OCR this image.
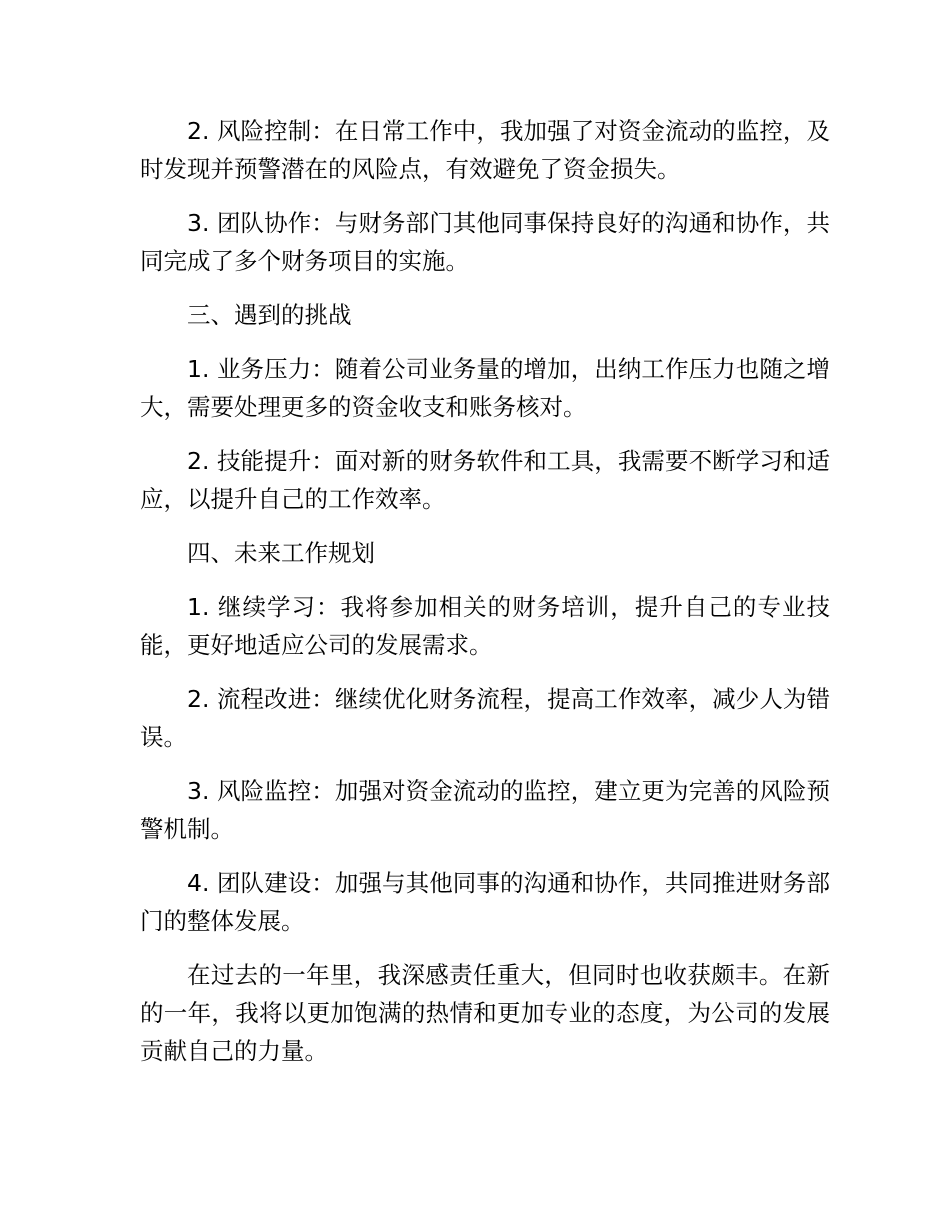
2. 风险控制：在日常工作中，我加强了对资金流动的监控，及时发现并预警潜在的风险点，有效避免了资金损失。

3. 团队协作：与财务部门其他同事保持良好的沟通和协作，共同完成了多个财务项目的实施。

三、遇到的挑战

1. 业务压力：随着公司业务量的增加，出纳工作压力也随之增大，需要处理更多的资金收支和账务核对。

2. 技能提升：面对新的财务软件和工具，我需要不断学习和适应，以提升自己的工作效率。

四、未来工作规划

1. 继续学习：我将参加相关的财务培训，提升自己的专业技能，更好地适应公司的发展需求。

2. 流程改进：继续优化财务流程，提高工作效率，减少人为错误。

3. 风险监控：加强对资金流动的监控，建立更为完善的风险预警机制。

4. 团队建设：加强与其他同事的沟通和协作，共同推进财务部门的整体发展。

在过去的一年里，我深感责任重大，但同时也收获颇丰。在新的一年，我将以更加饱满的热情和更加专业的态度，为公司的发展贡献自己的力量。
